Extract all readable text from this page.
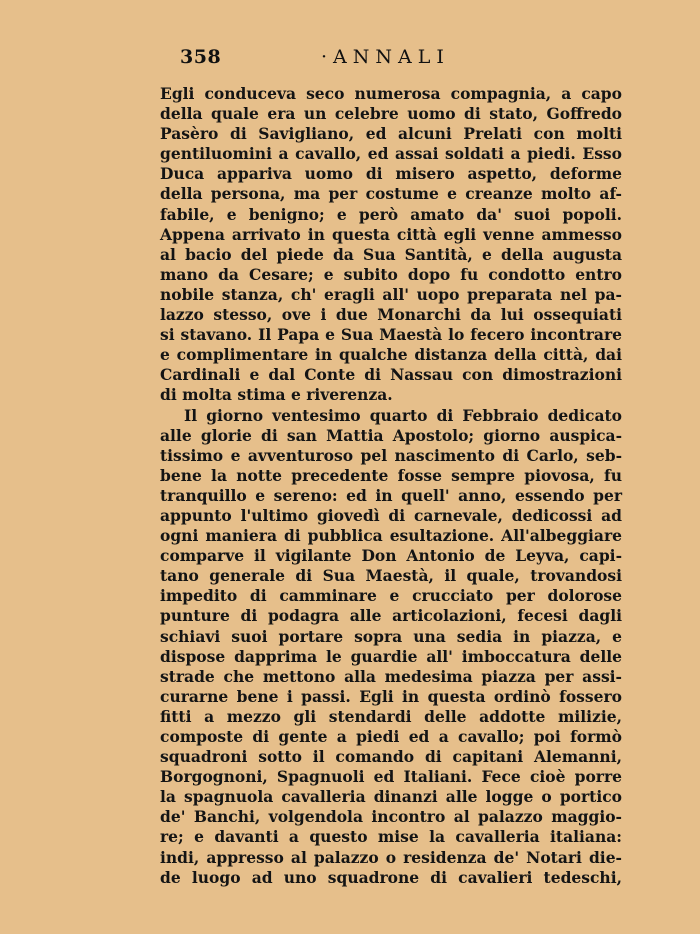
358	·ANNALI
Egli conduceva seco numerosa compagnia, a capo
della quale era un celebre uomo di stato, Goffredo
Pasèro di Savigliano, ed alcuni Prelati con molti
gentiluomini a cavallo, ed assai soldati a piedi. Esso
Duca appariva uomo di misero aspetto, deforme
della persona, ma per costume e creanze molto af-
fabile, e benigno; e però amato da' suoi popoli.
Appena arrivato in questa città egli venne ammesso
al bacio del piede da Sua Santità, e della augusta
mano da Cesare; e subito dopo fu condotto entro
nobile stanza, ch' eragli all' uopo preparata nel pa-
lazzo stesso, ove i due Monarchi da lui ossequiati
si stavano. Il Papa e Sua Maestà lo fecero incontrare
e complimentare in qualche distanza della città, dai
Cardinali e dal Conte di Nassau con dimostrazioni
di molta stima e riverenza.
Il giorno ventesimo quarto di Febbraio dedicato
alle glorie di san Mattia Apostolo; giorno auspica-
tissimo e avventuroso pel nascimento di Carlo, seb-
bene la notte precedente fosse sempre piovosa, fu
tranquillo e sereno: ed in quell' anno, essendo per
appunto l'ultimo giovedì di carnevale, dedicossi ad
ogni maniera di pubblica esultazione. All'albeggiare
comparve il vigilante Don Antonio de Leyva, capi-
tano generale di Sua Maestà, il quale, trovandosi
impedito di camminare e crucciato per dolorose
punture di podagra alle articolazioni, fecesi dagli
schiavi suoi portare sopra una sedia in piazza, e
dispose dapprima le guardie all' imboccatura delle
strade che mettono alla medesima piazza per assi-
curarne bene i passi. Egli in questa ordinò fossero
fitti a mezzo gli stendardi delle addotte milizie,
composte di gente a piedi ed a cavallo; poi formò
squadroni sotto il comando di capitani Alemanni,
Borgognoni, Spagnuoli ed Italiani. Fece cioè porre
la spagnuola cavalleria dinanzi alle logge o portico
de' Banchi, volgendola incontro al palazzo maggio-
re; e davanti a questo mise la cavalleria italiana:
indi, appresso al palazzo o residenza de' Notari die-
de luogo ad uno squadrone di cavalieri tedeschi,
